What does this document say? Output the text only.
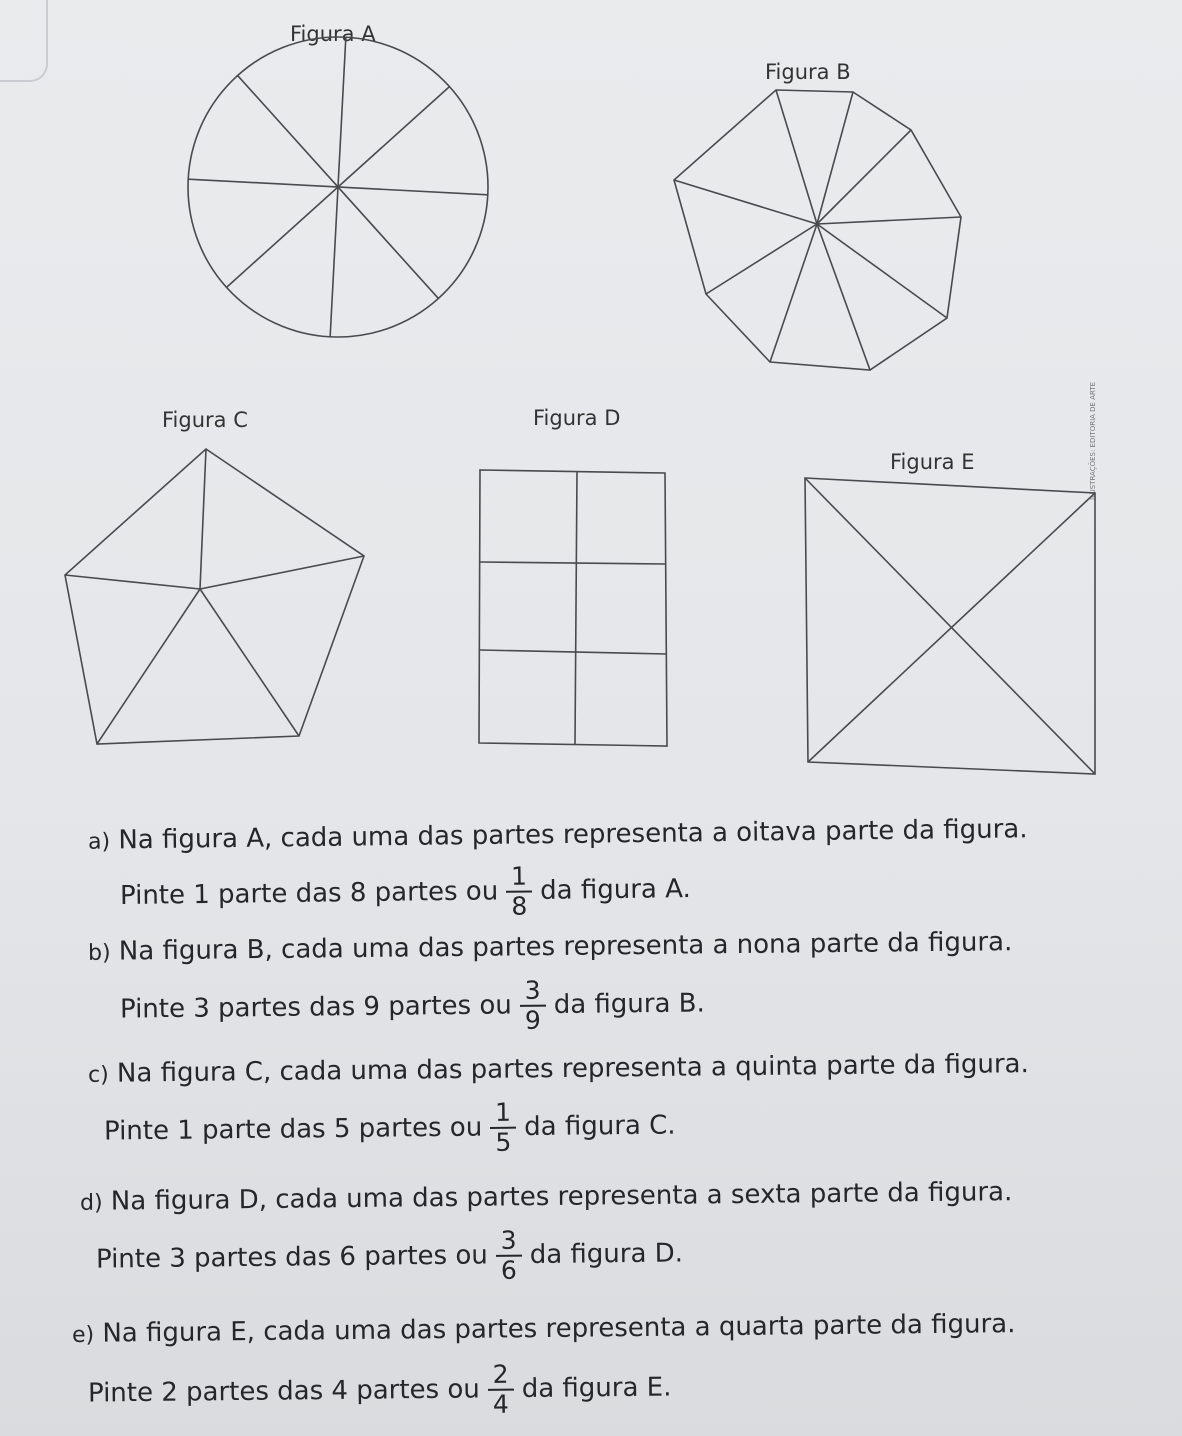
Figura A
Figura B
Figura C	Figura D
Figura E	ILUSTRAÇÕES: EDITORIA DE ARTE
a) Na figura A, cada uma das partes representa a oitava parte da figura.
Pinte 1 parte das 8 partes ou $\frac{1}{8}$ da figura A.
b) Na figura B, cada uma das partes representa a nona parte da figura.
Pinte 3 partes das 9 partes ou $\frac{3}{9}$ da figura B.
c) Na figura C, cada uma das partes representa a quinta parte da figura.
Pinte 1 parte das 5 partes ou $\frac{1}{5}$ da figura C.
d) Na figura D, cada uma das partes representa a sexta parte da figura.
Pinte 3 partes das 6 partes ou $\frac{3}{6}$ da figura D.
e) Na figura E, cada uma das partes representa a quarta parte da figura.
Pinte 2 partes das 4 partes ou $\frac{2}{4}$ da figura E.
